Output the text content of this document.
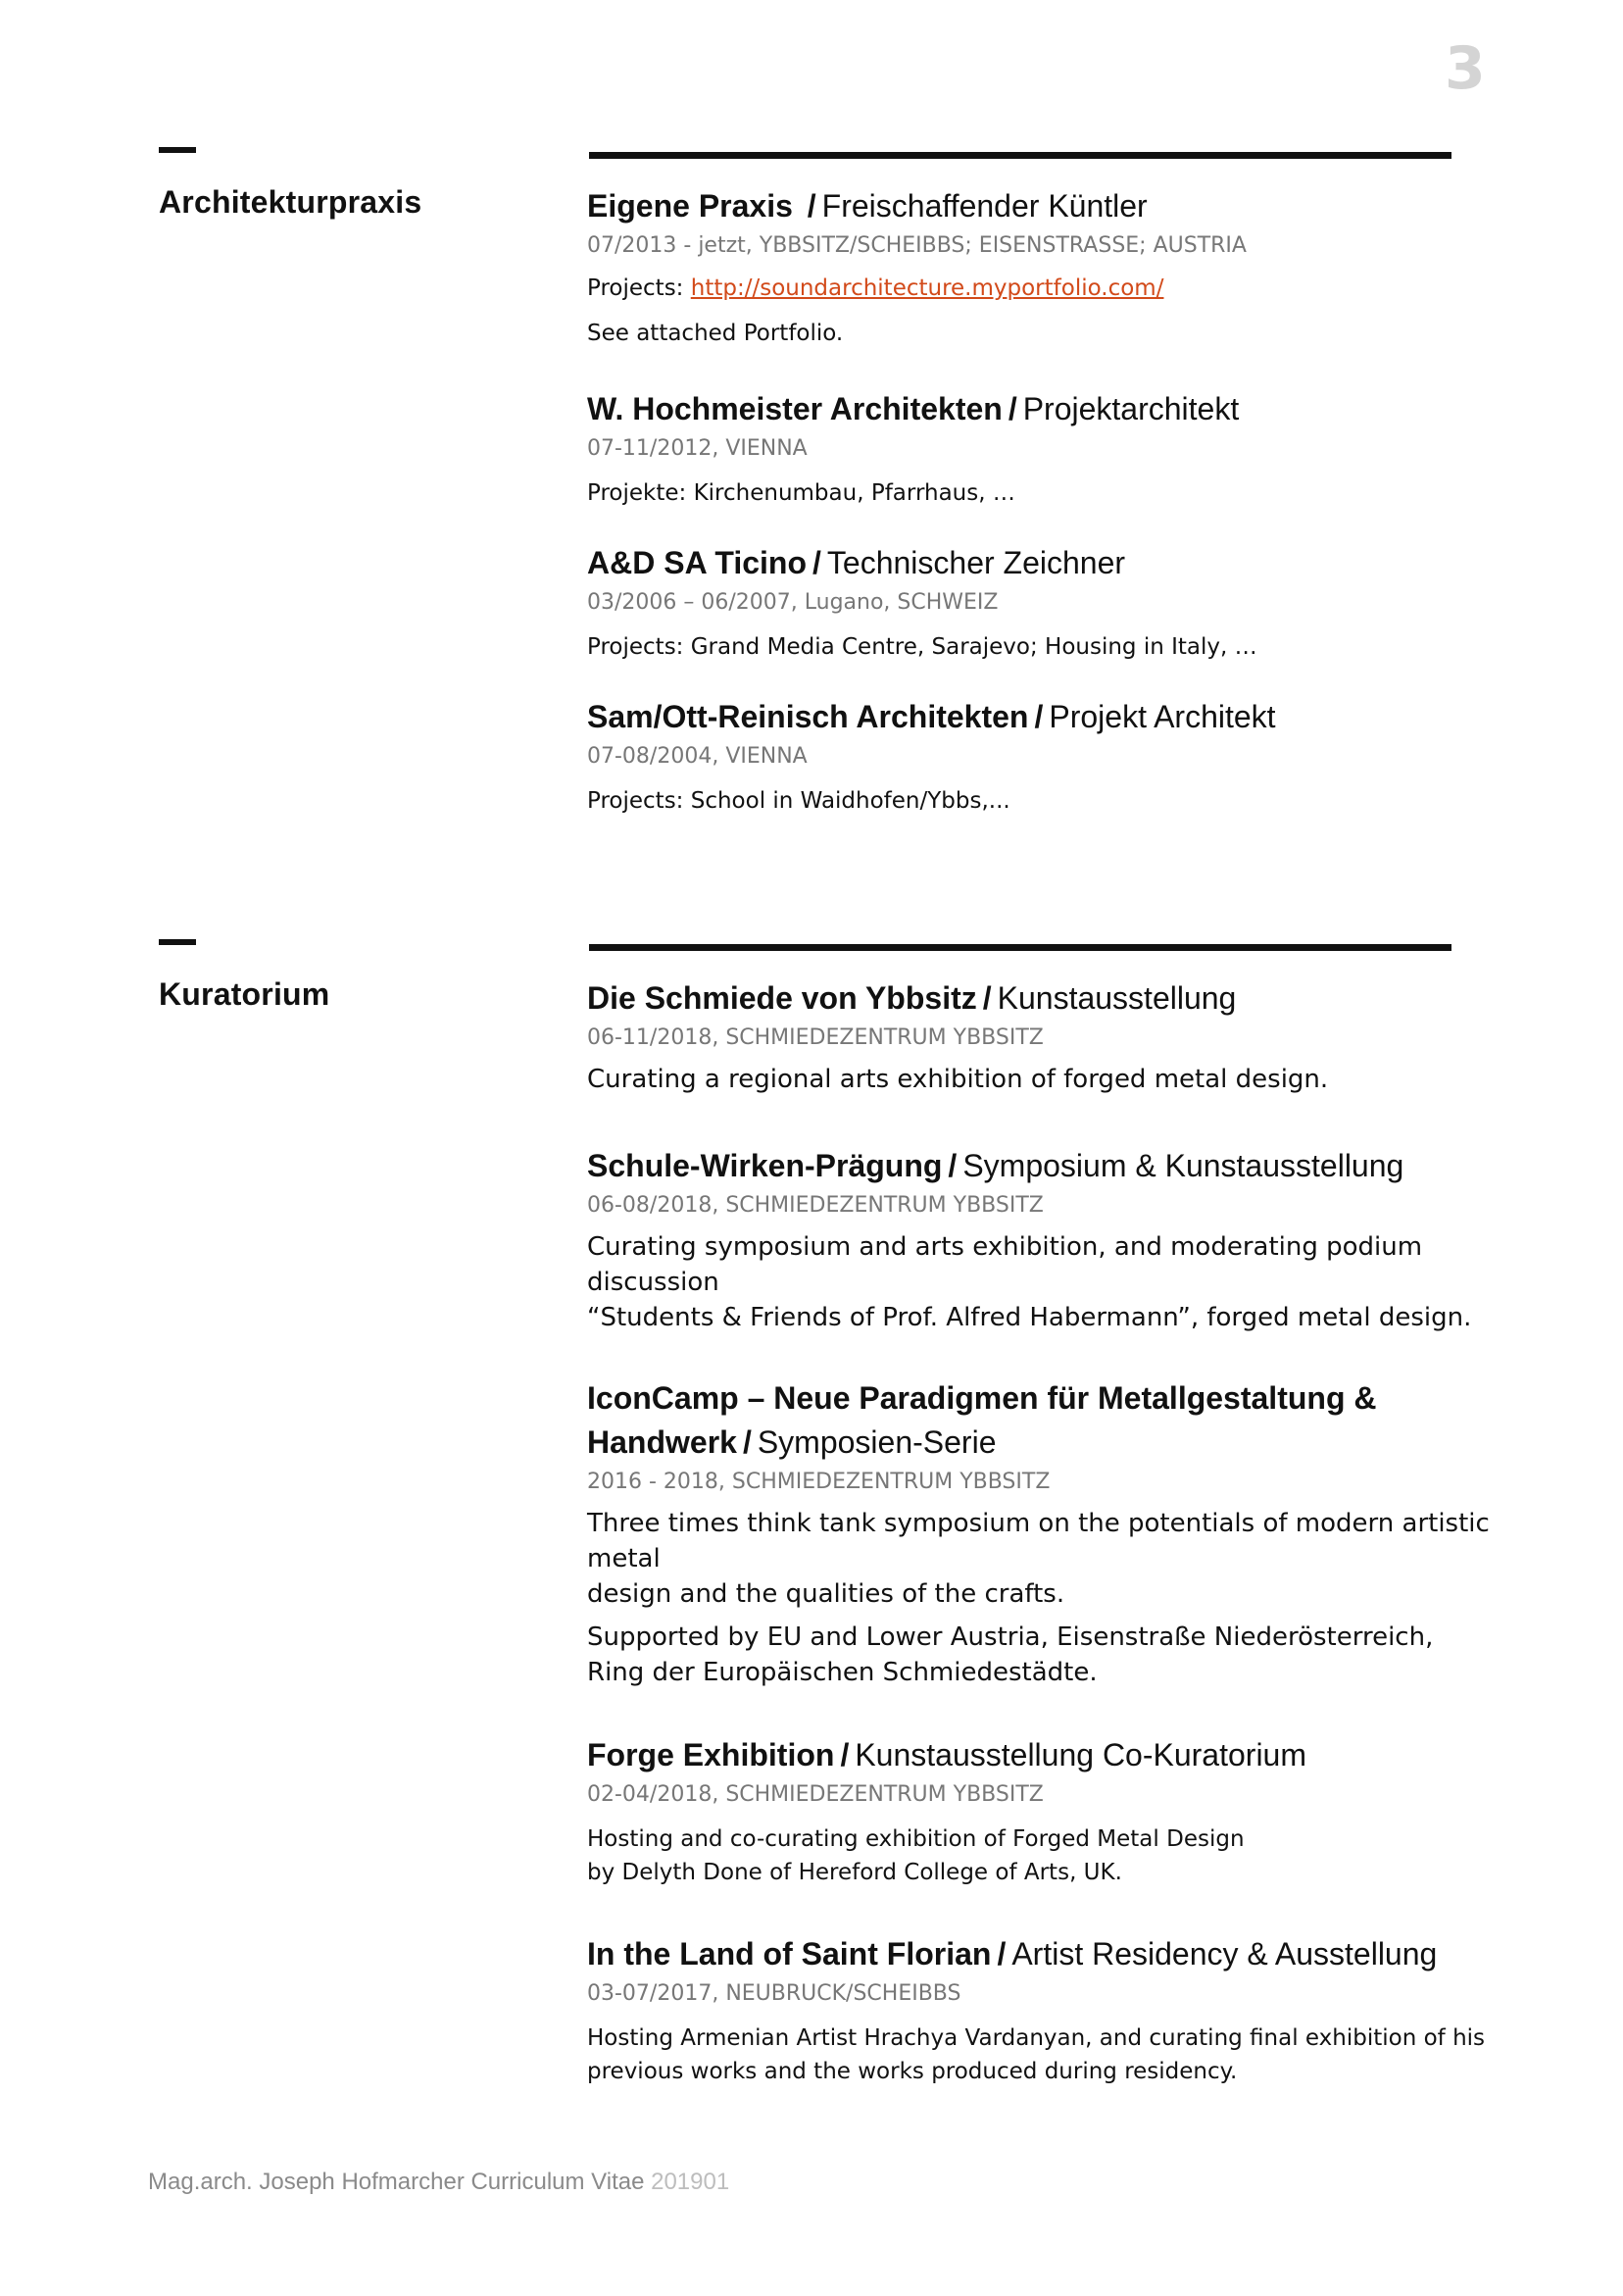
3
Architekturpraxis	Eigene Praxis / Freischaffender Küntler
07/2013 - jetzt, YBBSITZ/SCHEIBBS; EISENSTRASSE; AUSTRIA
Projects: http://soundarchitecture.myportfolio.com/
See attached Portfolio.
W. Hochmeister Architekten / Projektarchitekt
07-11/2012, VIENNA
Projekte: Kirchenumbau, Pfarrhaus, …
A&D SA Ticino / Technischer Zeichner
03/2006 – 06/2007, Lugano, SCHWEIZ
Projects: Grand Media Centre, Sarajevo; Housing in Italy, …
Sam/Ott-Reinisch Architekten / Projekt Architekt
07-08/2004, VIENNA
Projects: School in Waidhofen/Ybbs,...
Kuratorium	Die Schmiede von Ybbsitz / Kunstausstellung
06-11/2018, SCHMIEDEZENTRUM YBBSITZ
Curating a regional arts exhibition of forged metal design.
Schule-Wirken-Prägung / Symposium & Kunstausstellung
06-08/2018, SCHMIEDEZENTRUM YBBSITZ
Curating symposium and arts exhibition, and moderating podium discussion
“Students & Friends of Prof. Alfred Habermann”, forged metal design.
IconCamp – Neue Paradigmen für Metallgestaltung &
Handwerk / Symposien-Serie
2016 - 2018, SCHMIEDEZENTRUM YBBSITZ
Three times think tank symposium on the potentials of modern artistic metal
design and the qualities of the crafts.
Supported by EU and Lower Austria, Eisenstraße Niederösterreich,
Ring der Europäischen Schmiedestädte.
Forge Exhibition / Kunstausstellung Co-Kuratorium
02-04/2018, SCHMIEDEZENTRUM YBBSITZ
Hosting and co-curating exhibition of Forged Metal Design
by Delyth Done of Hereford College of Arts, UK.
In the Land of Saint Florian / Artist Residency & Ausstellung
03-07/2017, NEUBRUCK/SCHEIBBS
Hosting Armenian Artist Hrachya Vardanyan, and curating final exhibition of his
previous works and the works produced during residency.
Mag.arch. Joseph Hofmarcher Curriculum Vitae 201901
